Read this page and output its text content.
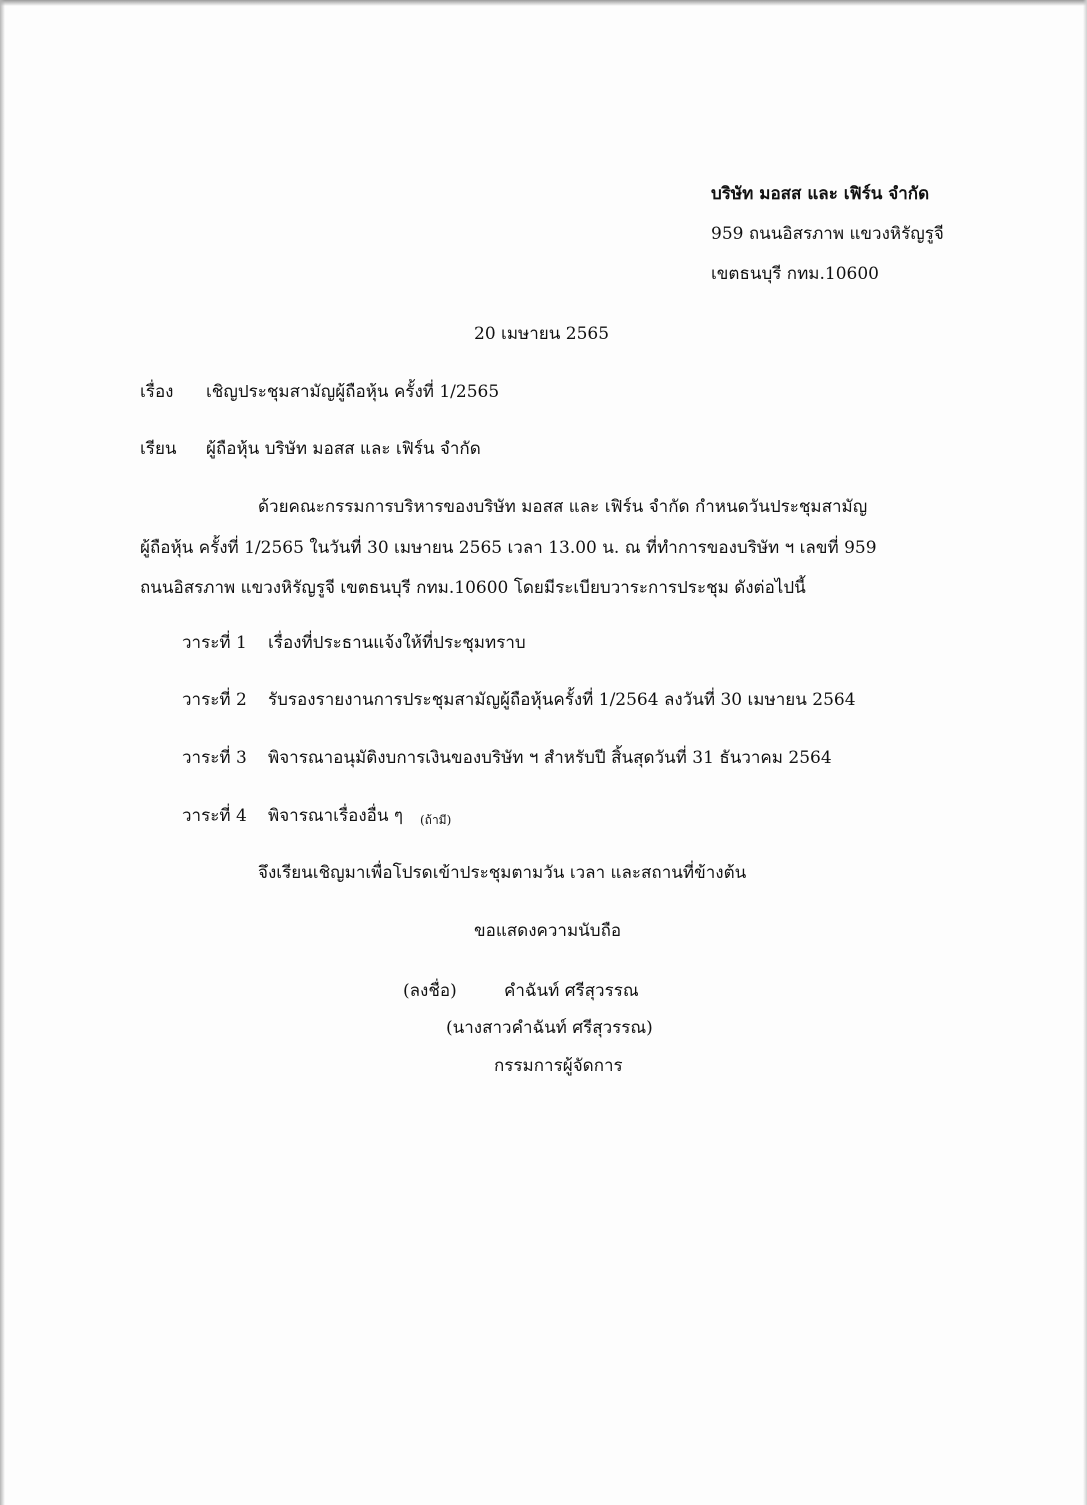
บริษัท มอสส และ เฟิร์น จำกัด
959 ถนนอิสรภาพ แขวงหิรัญรูจี
เขตธนบุรี กทม.10600
20 เมษายน 2565
เรื่อง เชิญประชุมสามัญผู้ถือหุ้น ครั้งที่ 1/2565
เรียน ผู้ถือหุ้น บริษัท มอสส และ เฟิร์น จำกัด
ด้วยคณะกรรมการบริหารของบริษัท มอสส และ เฟิร์น จำกัด กำหนดวันประชุมสามัญ
ผู้ถือหุ้น ครั้งที่ 1/2565 ในวันที่ 30 เมษายน 2565 เวลา 13.00 น. ณ ที่ทำการของบริษัท ฯ เลขที่ 959
ถนนอิสรภาพ แขวงหิรัญรูจี เขตธนบุรี กทม.10600 โดยมีระเบียบวาระการประชุม ดังต่อไปนี้
วาระที่ 1 เรื่องที่ประธานแจ้งให้ที่ประชุมทราบ
วาระที่ 2 รับรองรายงานการประชุมสามัญผู้ถือหุ้นครั้งที่ 1/2564 ลงวันที่ 30 เมษายน 2564
วาระที่ 3 พิจารณาอนุมัติงบการเงินของบริษัท ฯ สำหรับปี สิ้นสุดวันที่ 31 ธันวาคม 2564
วาระที่ 4 พิจารณาเรื่องอื่น ๆ (ถ้ามี)
จึงเรียนเชิญมาเพื่อโปรดเข้าประชุมตามวัน เวลา และสถานที่ข้างต้น
ขอแสดงความนับถือ
(ลงชื่อ)	คำฉันท์ ศรีสุวรรณ
(นางสาวคำฉันท์ ศรีสุวรรณ)
กรรมการผู้จัดการ
